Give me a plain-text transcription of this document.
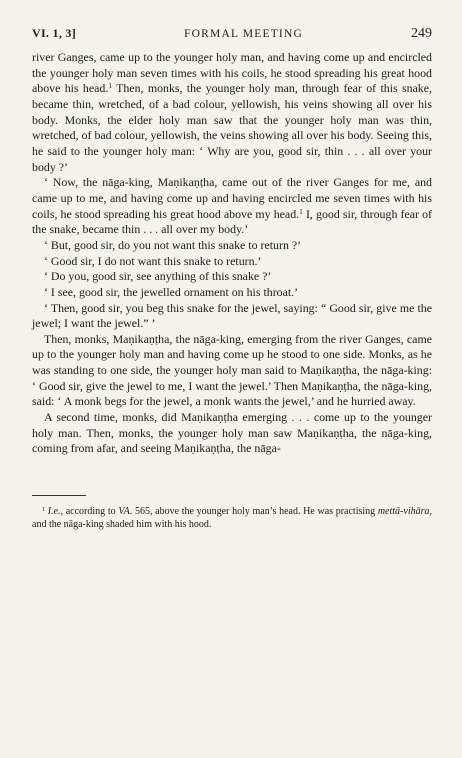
VI. 1, 3]	FORMAL MEETING	249

river Ganges, came up to the younger holy man, and having come up and encircled the younger holy man seven times with his coils, he stood spreading his great hood above his head.$^1$ Then, monks, the younger holy man, through fear of this snake, became thin, wretched, of a bad colour, yellowish, his veins showing all over his body. Monks, the elder holy man saw that the younger holy man was thin, wretched, of bad colour, yellowish, the veins showing all over his body. Seeing this, he said to the younger holy man: ‘ Why are you, good sir, thin . . . all over your body ?’

‘ Now, the nāga-king, Maṇikaṇṭha, came out of the river Ganges for me, and came up to me, and having come up and having encircled me seven times with his coils, he stood spreading his great hood above my head.$^1$ I, good sir, through fear of the snake, became thin . . . all over my body.’

‘ But, good sir, do you not want this snake to return ?’

‘ Good sir, I do not want this snake to return.’

‘ Do you, good sir, see anything of this snake ?’

‘ I see, good sir, the jewelled ornament on his throat.’

‘ Then, good sir, you beg this snake for the jewel, saying: “ Good sir, give me the jewel; I want the jewel.” ’

Then, monks, Maṇikaṇṭha, the nāga-king, emerging from the river Ganges, came up to the younger holy man and having come up he stood to one side. Monks, as he was standing to one side, the younger holy man said to Maṇikaṇṭha, the nāga-king: ‘ Good sir, give the jewel to me, I want the jewel.’ Then Maṇikaṇṭha, the nāga-king, said: ‘ A monk begs for the jewel, a monk wants the jewel,’ and he hurried away.

A second time, monks, did Maṇikaṇṭha emerging . . . come up to the younger holy man. Then, monks, the younger holy man saw Maṇikaṇṭha, the nāga-king, coming from afar, and seeing Maṇikaṇṭha, the nāga-

$^1$ I.e., according to VA. 565, above the younger holy man’s head. He was practising mettā-vihāra, and the nāga-king shaded him with his hood.
